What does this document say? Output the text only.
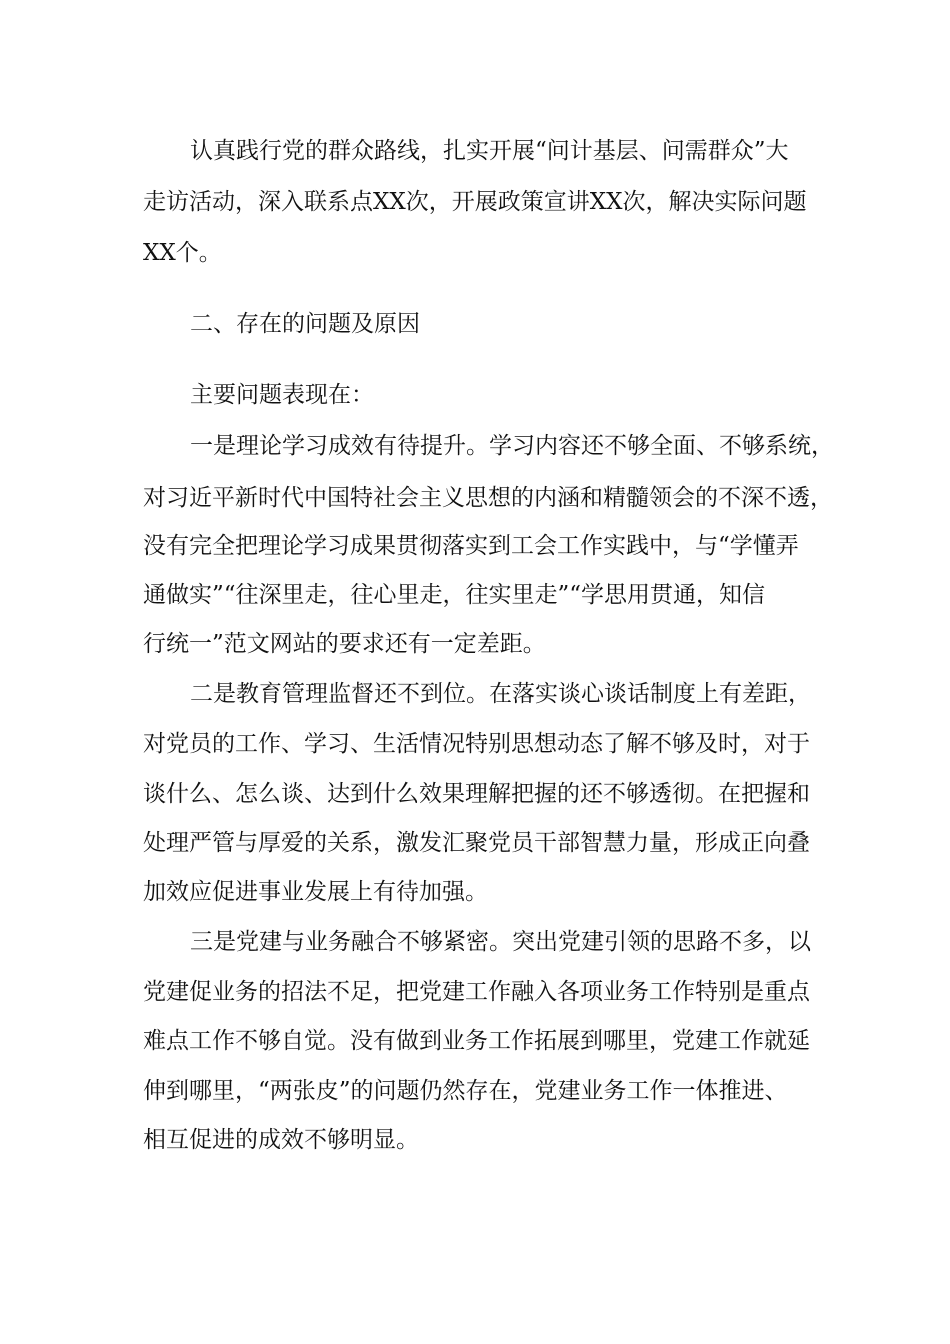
认真践行党的群众路线，扎实开展“问计基层、问需群众”大
走访活动，深入联系点XX次，开展政策宣讲XX次，解决实际问题
XX个。
二、存在的问题及原因
主要问题表现在：
一是理论学习成效有待提升。学习内容还不够全面、不够系统，
对习近平新时代中国特社会主义思想的内涵和精髓领会的不深不透，
没有完全把理论学习成果贯彻落实到工会工作实践中，与“学懂弄
通做实”“往深里走，往心里走，往实里走”“学思用贯通，知信
行统一”范文网站的要求还有一定差距。
二是教育管理监督还不到位。在落实谈心谈话制度上有差距，
对党员的工作、学习、生活情况特别思想动态了解不够及时，对于
谈什么、怎么谈、达到什么效果理解把握的还不够透彻。在把握和
处理严管与厚爱的关系，激发汇聚党员干部智慧力量，形成正向叠
加效应促进事业发展上有待加强。
三是党建与业务融合不够紧密。突出党建引领的思路不多，以
党建促业务的招法不足，把党建工作融入各项业务工作特别是重点
难点工作不够自觉。没有做到业务工作拓展到哪里，党建工作就延
伸到哪里，“两张皮”的问题仍然存在，党建业务工作一体推进、
相互促进的成效不够明显。
